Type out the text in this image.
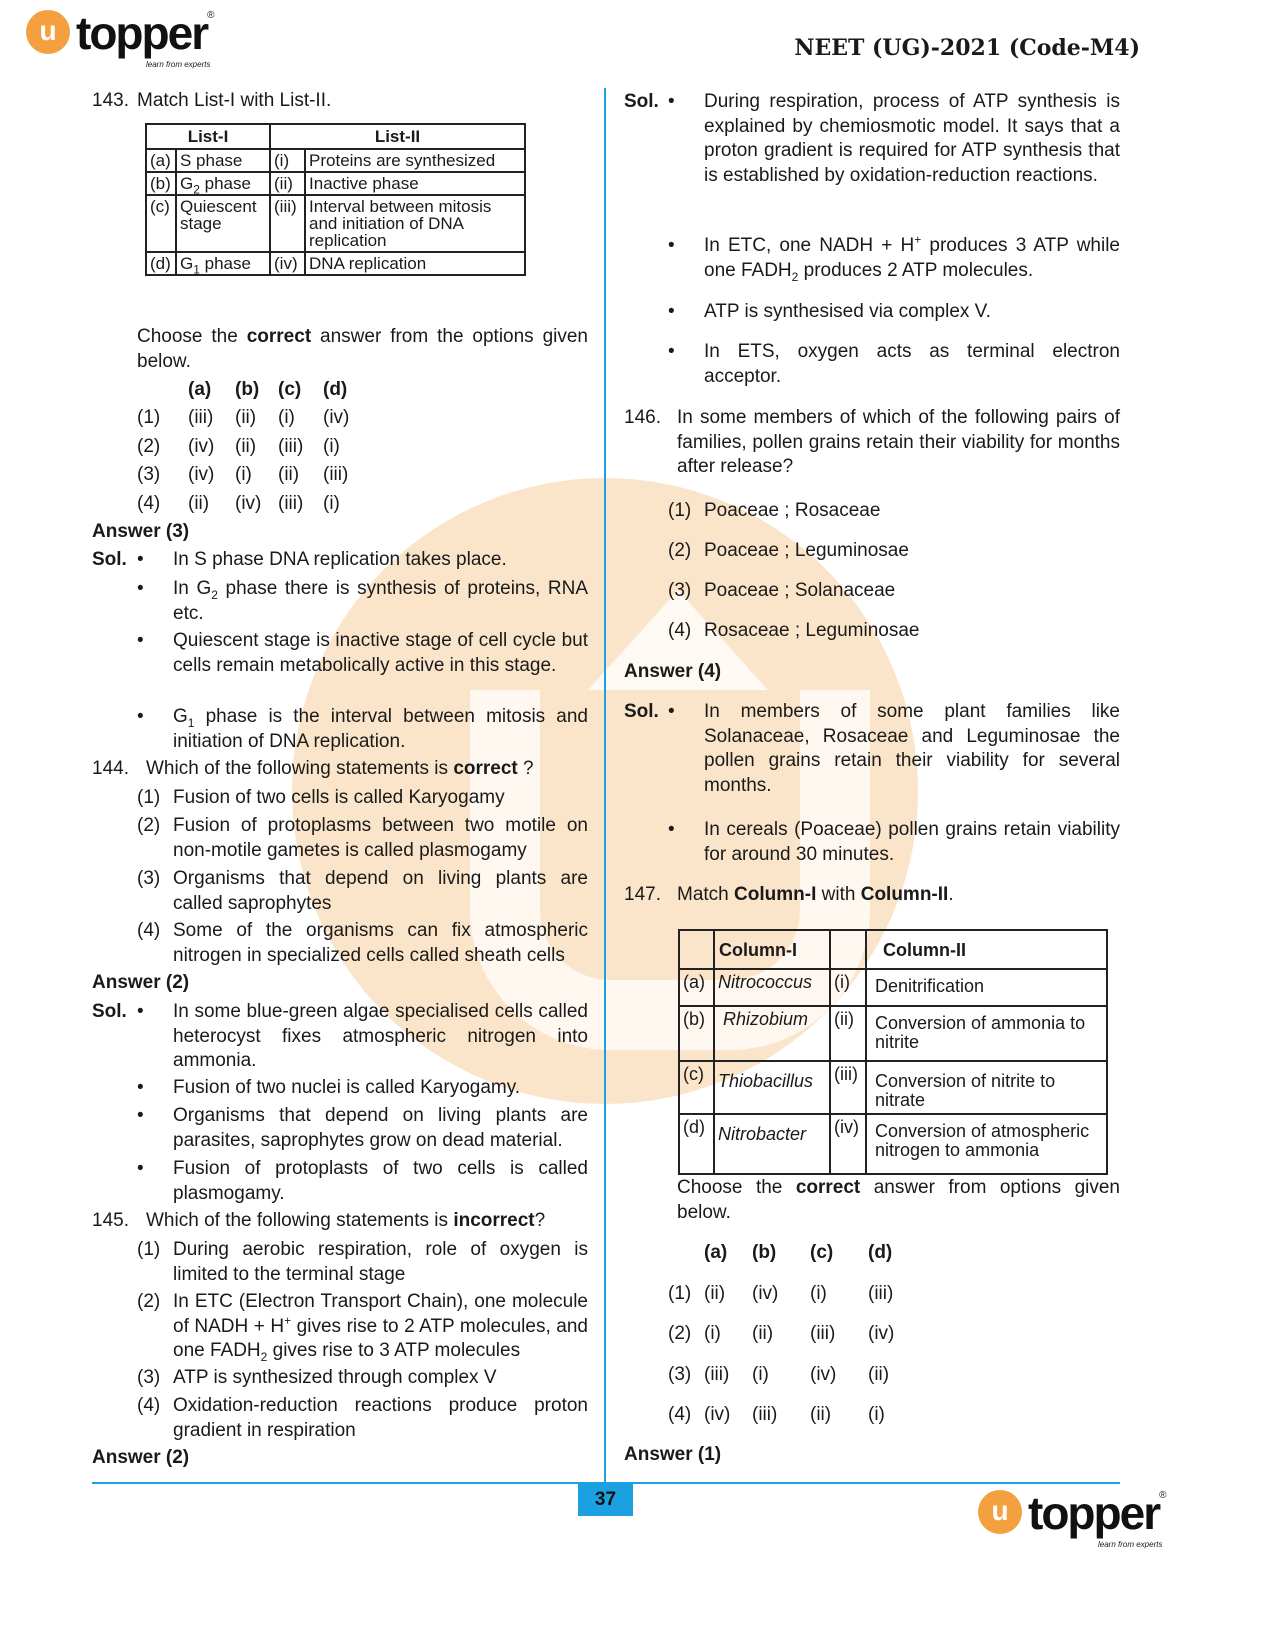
u topper ®
learn from experts
NEET (UG)-2021 (Code-M4)
143. Match List-I with List-II.
List-I		List-II	
(a)	S phase	(i)	Proteins are synthesized
(b)	$G_2$ phase	(ii)	Inactive phase
(c)	Quiescent stage	(iii)	Interval between mitosis and initiation of DNA replication
(d)	$G_1$ phase	(iv)	DNA replication
Choose the correct answer from the options given below.
(a) (b) (c) (d)
(1) (iii) (ii) (i) (iv)
(2) (iv) (ii) (iii) (i)
(3) (iv) (i) (ii) (iii)
(4) (ii) (iv) (iii) (i)
Answer (3)
Sol. • In S phase DNA replication takes place.
• In $G_2$ phase there is synthesis of proteins, RNA etc.
• Quiescent stage is inactive stage of cell cycle but cells remain metabolically active in this stage.
• $G_1$ phase is the interval between mitosis and initiation of DNA replication.
144. Which of the following statements is correct ?
(1) Fusion of two cells is called Karyogamy
(2) Fusion of protoplasms between two motile on non-motile gametes is called plasmogamy
(3) Organisms that depend on living plants are called saprophytes
(4) Some of the organisms can fix atmospheric nitrogen in specialized cells called sheath cells
Answer (2)
Sol. • In some blue-green algae specialised cells called heterocyst fixes atmospheric nitrogen into ammonia.
• Fusion of two nuclei is called Karyogamy.
• Organisms that depend on living plants are parasites, saprophytes grow on dead material.
• Fusion of protoplasts of two cells is called plasmogamy.
145. Which of the following statements is incorrect?
(1) During aerobic respiration, role of oxygen is limited to the terminal stage
(2) In ETC (Electron Transport Chain), one molecule of NADH + H+ gives rise to 2 ATP molecules, and one $FADH_2$ gives rise to 3 ATP molecules
(3) ATP is synthesized through complex V
(4) Oxidation-reduction reactions produce proton gradient in respiration
Answer (2)
Sol. • During respiration, process of ATP synthesis is explained by chemiosmotic model. It says that a proton gradient is required for ATP synthesis that is established by oxidation-reduction reactions.
• In ETC, one NADH + H+ produces 3 ATP while one $FADH_2$ produces 2 ATP molecules.
• ATP is synthesised via complex V.
• In ETS, oxygen acts as terminal electron acceptor.
146. In some members of which of the following pairs of families, pollen grains retain their viability for months after release?
(1) Poaceae ; Rosaceae
(2) Poaceae ; Leguminosae
(3) Poaceae ; Solanaceae
(4) Rosaceae ; Leguminosae
Answer (4)
Sol. • In members of some plant families like Solanaceae, Rosaceae and Leguminosae the pollen grains retain their viability for several months.
• In cereals (Poaceae) pollen grains retain viability for around 30 minutes.
147. Match Column-I with Column-II.
	Column-I		Column-II
(a)	Nitrococcus	(i)	Denitrification
(b)	Rhizobium	(ii)	Conversion of ammonia to nitrite
(c)	Thiobacillus	(iii)	Conversion of nitrite to nitrate
(d)	Nitrobacter	(iv)	Conversion of atmospheric nitrogen to ammonia
Choose the correct answer from options given below.
(a) (b) (c) (d)
(1) (ii) (iv) (i) (iii)
(2) (i) (ii) (iii) (iv)
(3) (iii) (i) (iv) (ii)
(4) (iv) (iii) (ii) (i)
Answer (1)
37	u topper ®
learn from experts
